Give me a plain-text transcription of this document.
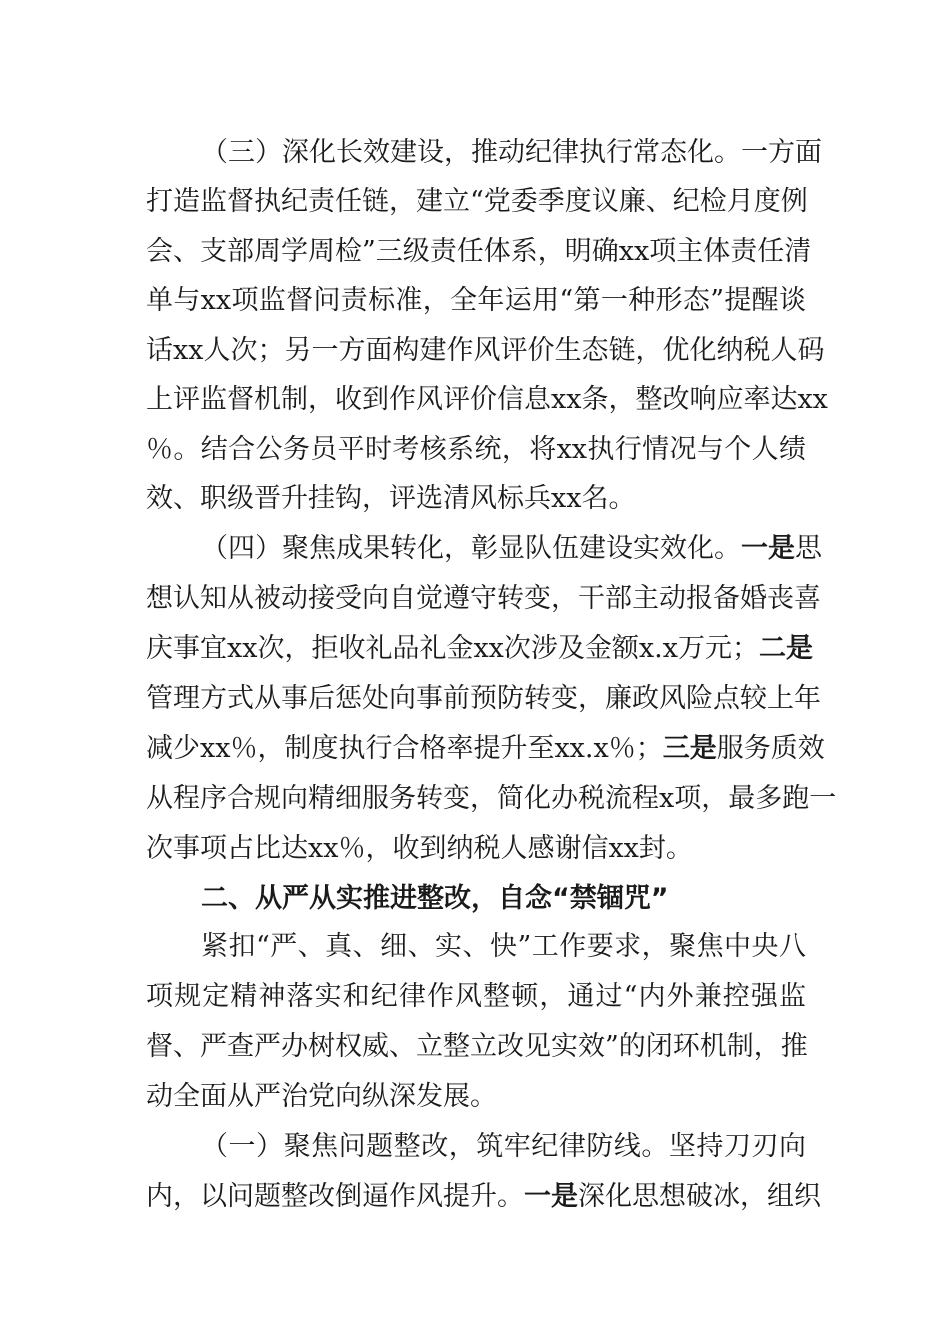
（三）深化长效建设，推动纪律执行常态化。一方面
打造监督执纪责任链，建立“党委季度议廉、纪检月度例
会、支部周学周检”三级责任体系，明确xx项主体责任清
单与xx项监督问责标准，全年运用“第一种形态”提醒谈
话xx人次；另一方面构建作风评价生态链，优化纳税人码
上评监督机制，收到作风评价信息xx条，整改响应率达xx
％。结合公务员平时考核系统，将xx执行情况与个人绩
效、职级晋升挂钩，评选清风标兵xx名。
（四）聚焦成果转化，彰显队伍建设实效化。一是思
想认知从被动接受向自觉遵守转变，干部主动报备婚丧喜
庆事宜xx次，拒收礼品礼金xx次涉及金额x.x万元；二是
管理方式从事后惩处向事前预防转变，廉政风险点较上年
减少xx％，制度执行合格率提升至xx.x％；三是服务质效
从程序合规向精细服务转变，简化办税流程x项，最多跑一
次事项占比达xx％，收到纳税人感谢信xx封。
二、从严从实推进整改，自念“禁锢咒”
紧扣“严、真、细、实、快”工作要求，聚焦中央八
项规定精神落实和纪律作风整顿，通过“内外兼控强监
督、严查严办树权威、立整立改见实效”的闭环机制，推
动全面从严治党向纵深发展。
（一）聚焦问题整改，筑牢纪律防线。坚持刀刃向
内，以问题整改倒逼作风提升。一是深化思想破冰，组织
